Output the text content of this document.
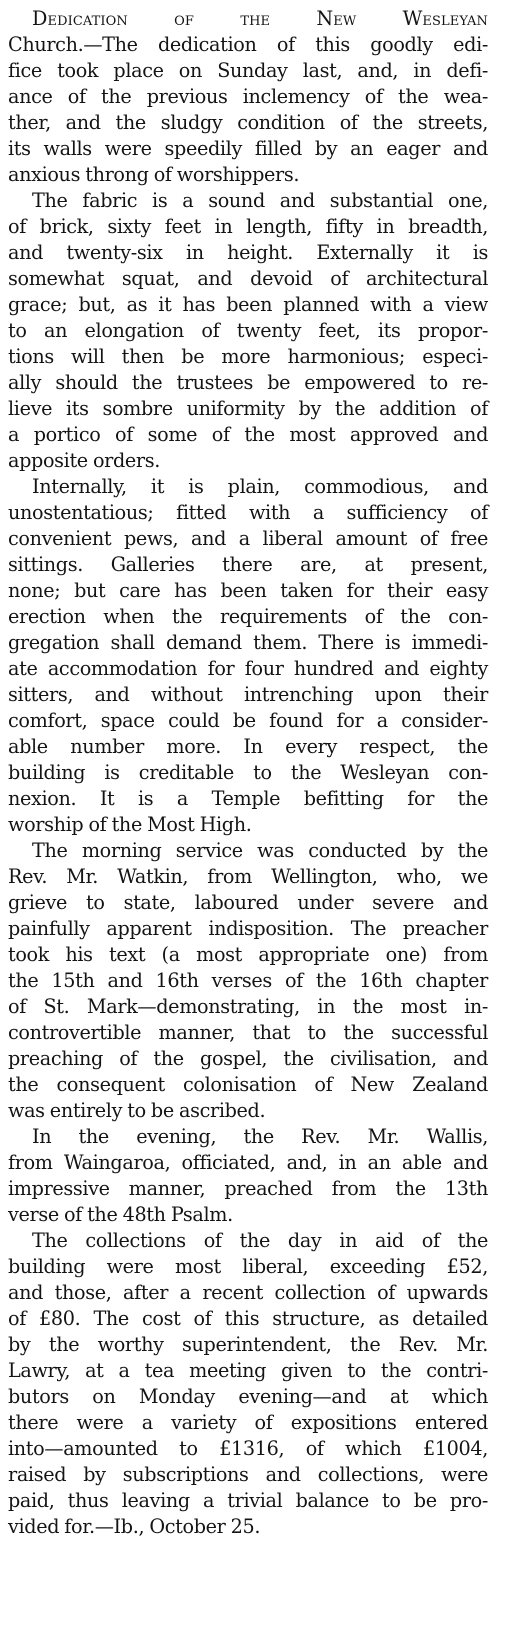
Dedication of the New Wesleyan
Church.—The dedication of this goodly edi-
fice took place on Sunday last, and, in defi-
ance of the previous inclemency of the wea-
ther, and the sludgy condition of the streets,
its walls were speedily filled by an eager and
anxious throng of worshippers.
The fabric is a sound and substantial one,
of brick, sixty feet in length, fifty in breadth,
and twenty-six in height. Externally it is
somewhat squat, and devoid of architectural
grace; but, as it has been planned with a view
to an elongation of twenty feet, its propor-
tions will then be more harmonious; especi-
ally should the trustees be empowered to re-
lieve its sombre uniformity by the addition of
a portico of some of the most approved and
apposite orders.
Internally, it is plain, commodious, and
unostentatious; fitted with a sufficiency of
convenient pews, and a liberal amount of free
sittings. Galleries there are, at present,
none; but care has been taken for their easy
erection when the requirements of the con-
gregation shall demand them. There is immedi-
ate accommodation for four hundred and eighty
sitters, and without intrenching upon their
comfort, space could be found for a consider-
able number more. In every respect, the
building is creditable to the Wesleyan con-
nexion. It is a Temple befitting for the
worship of the Most High.
The morning service was conducted by the
Rev. Mr. Watkin, from Wellington, who, we
grieve to state, laboured under severe and
painfully apparent indisposition. The preacher
took his text (a most appropriate one) from
the 15th and 16th verses of the 16th chapter
of St. Mark—demonstrating, in the most in-
controvertible manner, that to the successful
preaching of the gospel, the civilisation, and
the consequent colonisation of New Zealand
was entirely to be ascribed.
In the evening, the Rev. Mr. Wallis,
from Waingaroa, officiated, and, in an able and
impressive manner, preached from the 13th
verse of the 48th Psalm.
The collections of the day in aid of the
building were most liberal, exceeding £52,
and those, after a recent collection of upwards
of £80. The cost of this structure, as detailed
by the worthy superintendent, the Rev. Mr.
Lawry, at a tea meeting given to the contri-
butors on Monday evening—and at which
there were a variety of expositions entered
into—amounted to £1316, of which £1004,
raised by subscriptions and collections, were
paid, thus leaving a trivial balance to be pro-
vided for.—Ib., October 25.
